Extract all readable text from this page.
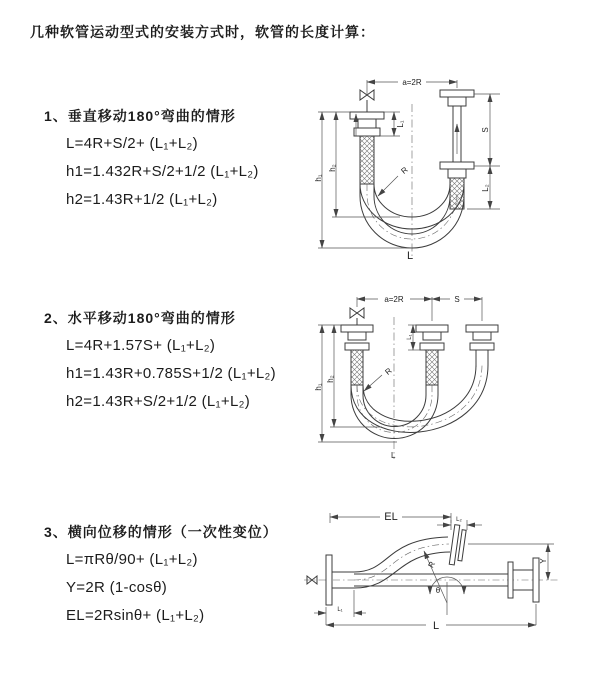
几种软管运动型式的安装方式时，软管的长度计算：
1、垂直移动180°弯曲的情形
L=4R+S/2+ (L₁+L₂)
h1=1.432R+S/2+1/2 (L₁+L₂)
h2=1.43R+1/2 (L₁+L₂)
2、水平移动180°弯曲的情形
L=4R+1.57S+ (L₁+L₂)
h1=1.43R+0.785S+1/2 (L₁+L₂)
h2=1.43R+S/2+1/2 (L₁+L₂)
3、横向位移的情形（一次性变位）
L=πRθ/90+ (L₁+L₂)
Y=2R (1-cosθ)
EL=2Rsinθ+ (L₁+L₂)
a=2R
L₁
S
L₂
h₁
h₂	R
L
a=2R	S
L₁
h₁
h₂
R
L
EL	L₂
Y
R
θ
L₁
L
